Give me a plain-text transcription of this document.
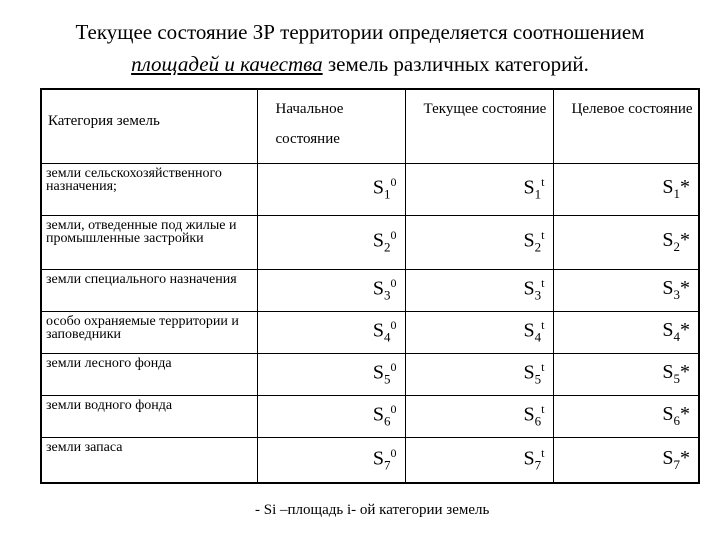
Текущее состояние ЗР территории определяется соотношением
площадей и качества земель различных категорий.
Категория земель	Начальное состояние	Текущее состояние	Целевое состояние
земли сельскохозяйственного назначения;	$S_1^0$	$S_1^t$	$S_1*$
земли, отведенные под жилые и промышленные застройки	$S_2^0$	$S_2^t$	$S_2*$
земли специального назначения	$S_3^0$	$S_3^t$	$S_3*$
особо охраняемые территории и заповедники	$S_4^0$	$S_4^t$	$S_4*$
земли лесного фонда	$S_5^0$	$S_5^t$	$S_5*$
земли водного фонда	$S_6^0$	$S_6^t$	$S_6*$
земли запаса	$S_7^0$	$S_7^t$	$S_7*$
- Si –площадь i- ой категории земель
